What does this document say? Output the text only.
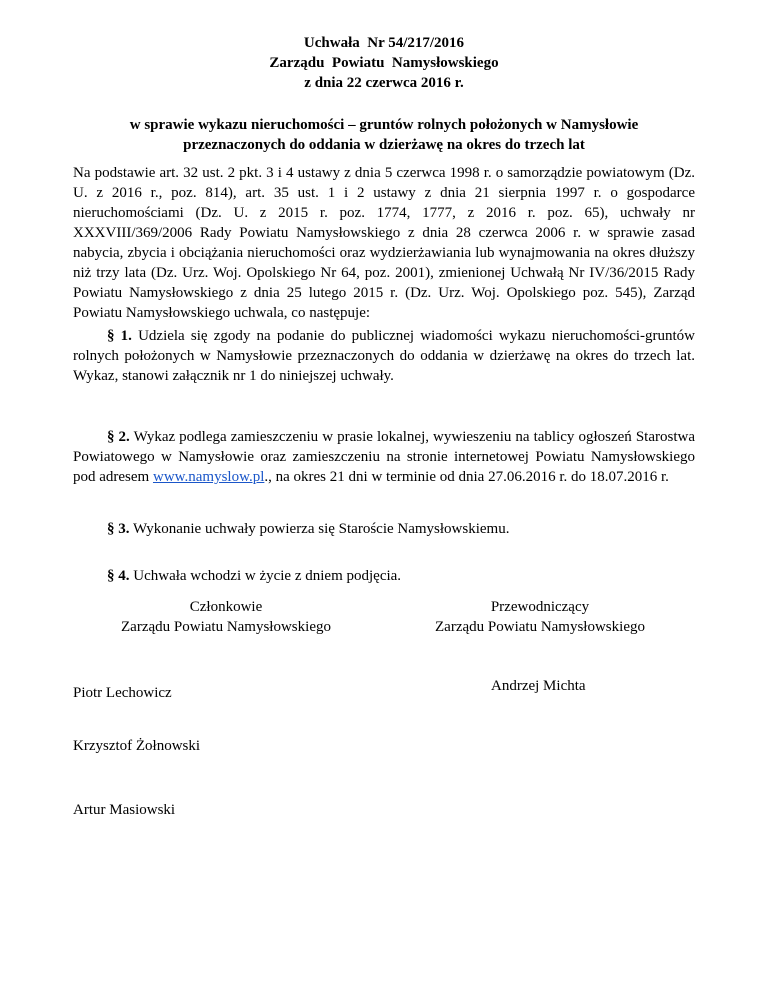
Uchwała  Nr 54/217/2016
Zarządu  Powiatu  Namysłowskiego
z dnia 22 czerwca 2016 r.
w sprawie wykazu nieruchomości – gruntów rolnych położonych w Namysłowie
przeznaczonych do oddania w dzierżawę na okres do trzech lat
Na podstawie art. 32 ust. 2 pkt. 3 i 4 ustawy z dnia 5 czerwca 1998 r. o samorządzie powiatowym (Dz. U. z 2016 r., poz. 814), art. 35 ust. 1 i 2 ustawy z dnia 21 sierpnia 1997 r. o gospodarce nieruchomościami (Dz. U. z 2015 r. poz. 1774, 1777, z 2016 r. poz. 65), uchwały nr XXXVIII/369/2006 Rady Powiatu Namysłowskiego z dnia 28 czerwca 2006 r. w sprawie zasad nabycia, zbycia i obciążania nieruchomości oraz wydzierżawiania lub wynajmowania na okres dłuższy niż trzy lata (Dz. Urz. Woj. Opolskiego Nr 64, poz. 2001), zmienionej Uchwałą Nr IV/36/2015 Rady Powiatu Namysłowskiego z dnia 25 lutego 2015 r. (Dz. Urz. Woj. Opolskiego poz. 545), Zarząd Powiatu Namysłowskiego uchwala, co następuje:
§ 1. Udziela się zgody na podanie do publicznej wiadomości wykazu nieruchomości-gruntów rolnych położonych w Namysłowie przeznaczonych do oddania w dzierżawę na okres do trzech lat. Wykaz, stanowi załącznik nr 1 do niniejszej uchwały.
§ 2. Wykaz podlega zamieszczeniu w prasie lokalnej, wywieszeniu na tablicy ogłoszeń Starostwa Powiatowego w Namysłowie oraz zamieszczeniu na stronie internetowej Powiatu Namysłowskiego pod adresem www.namyslow.pl., na okres 21 dni w terminie od dnia 27.06.2016 r. do 18.07.2016 r.
§ 3. Wykonanie uchwały powierza się Staroście Namysłowskiemu.
§ 4. Uchwała wchodzi w życie z dniem podjęcia.
Członkowie
Zarządu Powiatu Namysłowskiego
Przewodniczący
Zarządu Powiatu Namysłowskiego
Piotr Lechowicz
Krzysztof Żołnowski
Artur Masiowski
Andrzej Michta
